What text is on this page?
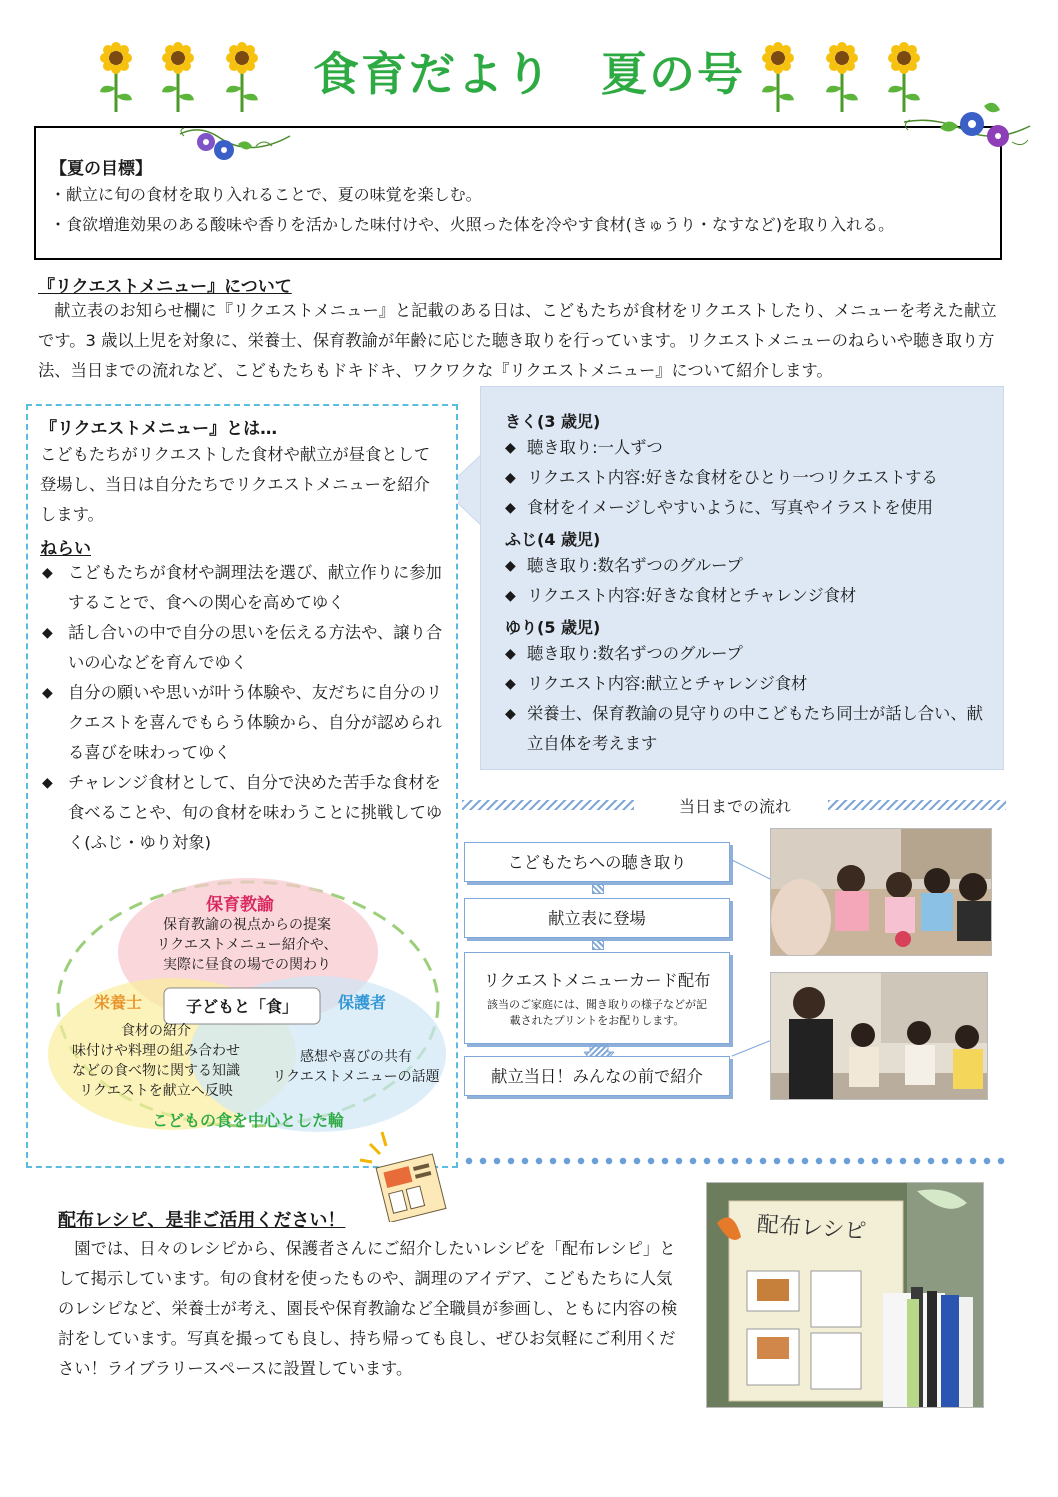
食育だより　夏の号
【夏の目標】
・献立に旬の食材を取り入れることで、夏の味覚を楽しむ。
・食欲増進効果のある酸味や香りを活かした味付けや、火照った体を冷やす食材(きゅうり・なすなど)を取り入れる。
『リクエストメニュー』について
　献立表のお知らせ欄に『リクエストメニュー』と記載のある日は、こどもたちが食材をリクエストしたり、メニューを考えた献立です。3 歳以上児を対象に、栄養士、保育教諭が年齢に応じた聴き取りを行っています。リクエストメニューのねらいや聴き取り方法、当日までの流れなど、こどもたちもドキドキ、ワクワクな『リクエストメニュー』について紹介します。
きく(3 歳児)
◆ 聴き取り:一人ずつ
◆ リクエスト内容:好きな食材をひとり一つリクエストする
◆ 食材をイメージしやすいように、写真やイラストを使用
ふじ(4 歳児)
◆ 聴き取り:数名ずつのグループ
◆ リクエスト内容:好きな食材とチャレンジ食材
ゆり(5 歳児)
◆ 聴き取り:数名ずつのグループ
◆ リクエスト内容:献立とチャレンジ食材
◆ 栄養士、保育教諭の見守りの中こどもたち同士が話し合い、献立自体を考えます
『リクエストメニュー』とは…
こどもたちがリクエストした食材や献立が昼食として登場し、当日は自分たちでリクエストメニューを紹介します。
ねらい
◆ こどもたちが食材や調理法を選び、献立作りに参加することで、食への関心を高めてゆく
◆ 話し合いの中で自分の思いを伝える方法や、譲り合いの心などを育んでゆく
◆ 自分の願いや思いが叶う体験や、友だちに自分のリクエストを喜んでもらう体験から、自分が認められる喜びを味わってゆく
◆ チャレンジ食材として、自分で決めた苦手な食材を食べることや、旬の食材を味わうことに挑戦してゆく(ふじ・ゆり対象)
保育教諭
保育教諭の視点からの提案
リクエストメニュー紹介や、
実際に昼食の場での関わり
栄養士	子どもと「食」	保護者
食材の紹介
味付けや料理の組み合わせ
などの食べ物に関する知識
リクエストを献立へ反映
感想や喜びの共有
リクエストメニューの話題
こどもの食を中心とした輪
当日までの流れ
こどもたちへの聴き取り
献立表に登場
リクエストメニューカード配布
該当のご家庭には、聞き取りの様子などが記載されたプリントをお配りします。
献立当日！みんなの前で紹介
配布レシピ、是非ご活用ください！
　園では、日々のレシピから、保護者さんにご紹介したいレシピを「配布レシピ」として掲示しています。旬の食材を使ったものや、調理のアイデア、こどもたちに人気のレシピなど、栄養士が考え、園長や保育教諭など全職員が参画し、ともに内容の検討をしています。写真を撮っても良し、持ち帰っても良し、ぜひお気軽にご利用ください！ライブラリースペースに設置しています。
配布レシピ
